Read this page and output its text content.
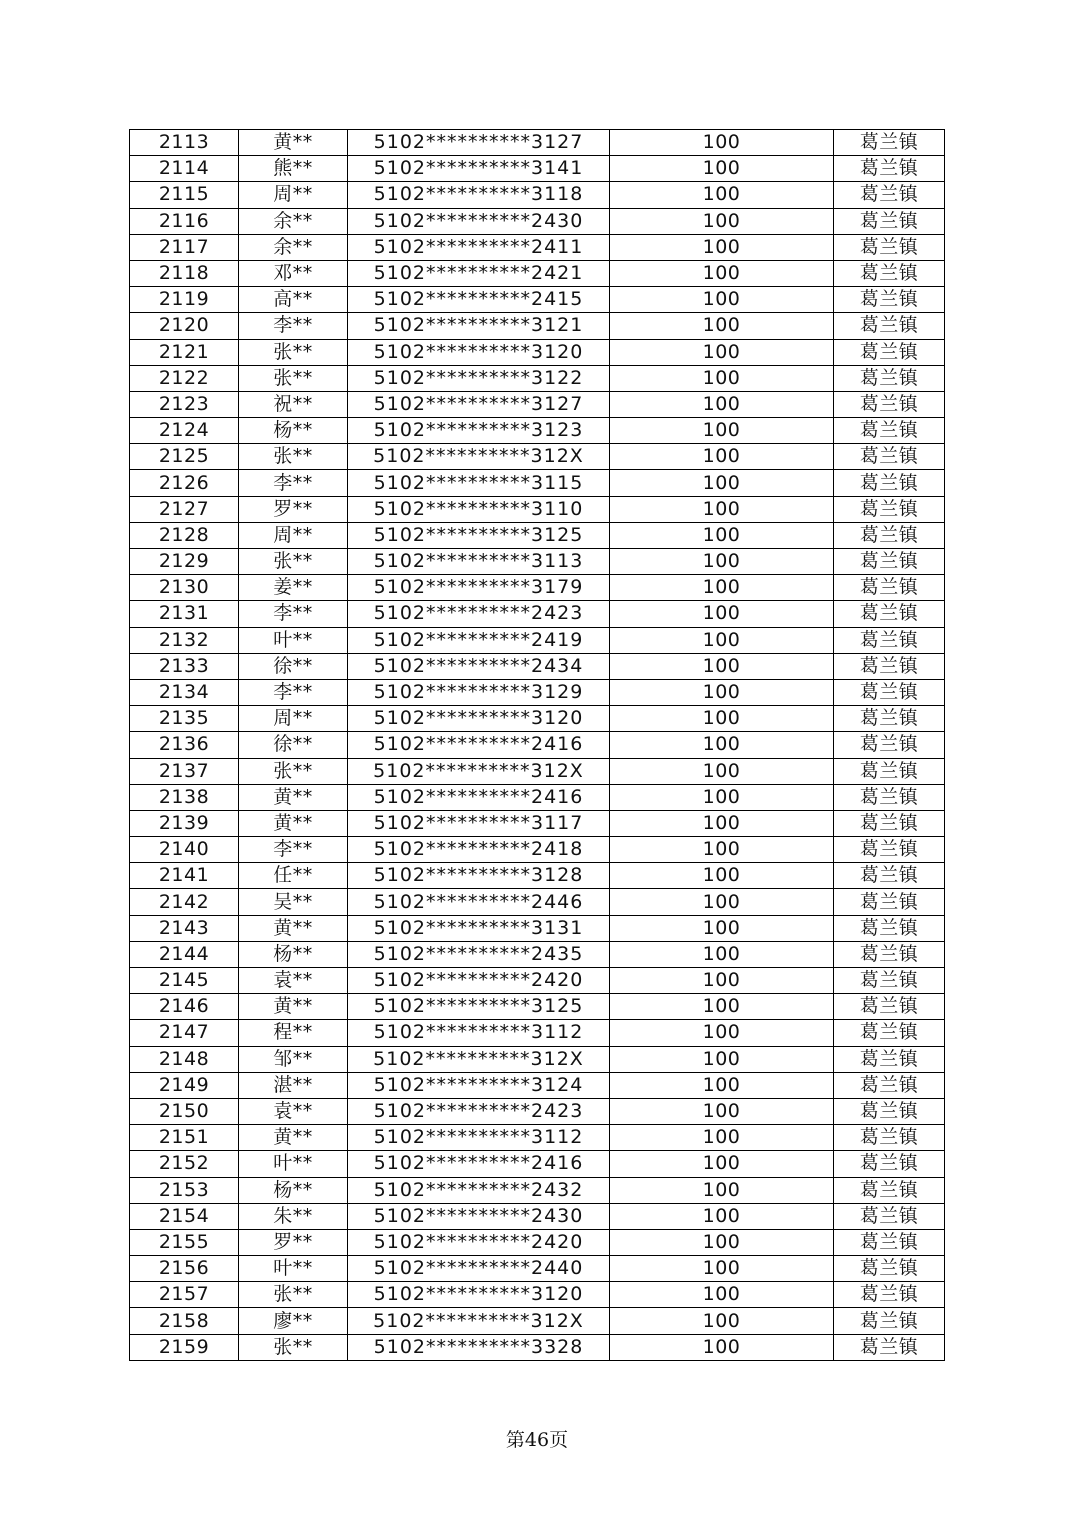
2113	黄**	5102**********3127	100	葛兰镇
2114	熊**	5102**********3141	100	葛兰镇
2115	周**	5102**********3118	100	葛兰镇
2116	余**	5102**********2430	100	葛兰镇
2117	余**	5102**********2411	100	葛兰镇
2118	邓**	5102**********2421	100	葛兰镇
2119	高**	5102**********2415	100	葛兰镇
2120	李**	5102**********3121	100	葛兰镇
2121	张**	5102**********3120	100	葛兰镇
2122	张**	5102**********3122	100	葛兰镇
2123	祝**	5102**********3127	100	葛兰镇
2124	杨**	5102**********3123	100	葛兰镇
2125	张**	5102**********312X	100	葛兰镇
2126	李**	5102**********3115	100	葛兰镇
2127	罗**	5102**********3110	100	葛兰镇
2128	周**	5102**********3125	100	葛兰镇
2129	张**	5102**********3113	100	葛兰镇
2130	姜**	5102**********3179	100	葛兰镇
2131	李**	5102**********2423	100	葛兰镇
2132	叶**	5102**********2419	100	葛兰镇
2133	徐**	5102**********2434	100	葛兰镇
2134	李**	5102**********3129	100	葛兰镇
2135	周**	5102**********3120	100	葛兰镇
2136	徐**	5102**********2416	100	葛兰镇
2137	张**	5102**********312X	100	葛兰镇
2138	黄**	5102**********2416	100	葛兰镇
2139	黄**	5102**********3117	100	葛兰镇
2140	李**	5102**********2418	100	葛兰镇
2141	任**	5102**********3128	100	葛兰镇
2142	吴**	5102**********2446	100	葛兰镇
2143	黄**	5102**********3131	100	葛兰镇
2144	杨**	5102**********2435	100	葛兰镇
2145	袁**	5102**********2420	100	葛兰镇
2146	黄**	5102**********3125	100	葛兰镇
2147	程**	5102**********3112	100	葛兰镇
2148	邹**	5102**********312X	100	葛兰镇
2149	湛**	5102**********3124	100	葛兰镇
2150	袁**	5102**********2423	100	葛兰镇
2151	黄**	5102**********3112	100	葛兰镇
2152	叶**	5102**********2416	100	葛兰镇
2153	杨**	5102**********2432	100	葛兰镇
2154	朱**	5102**********2430	100	葛兰镇
2155	罗**	5102**********2420	100	葛兰镇
2156	叶**	5102**********2440	100	葛兰镇
2157	张**	5102**********3120	100	葛兰镇
2158	廖**	5102**********312X	100	葛兰镇
2159	张**	5102**********3328	100	葛兰镇
第46页
